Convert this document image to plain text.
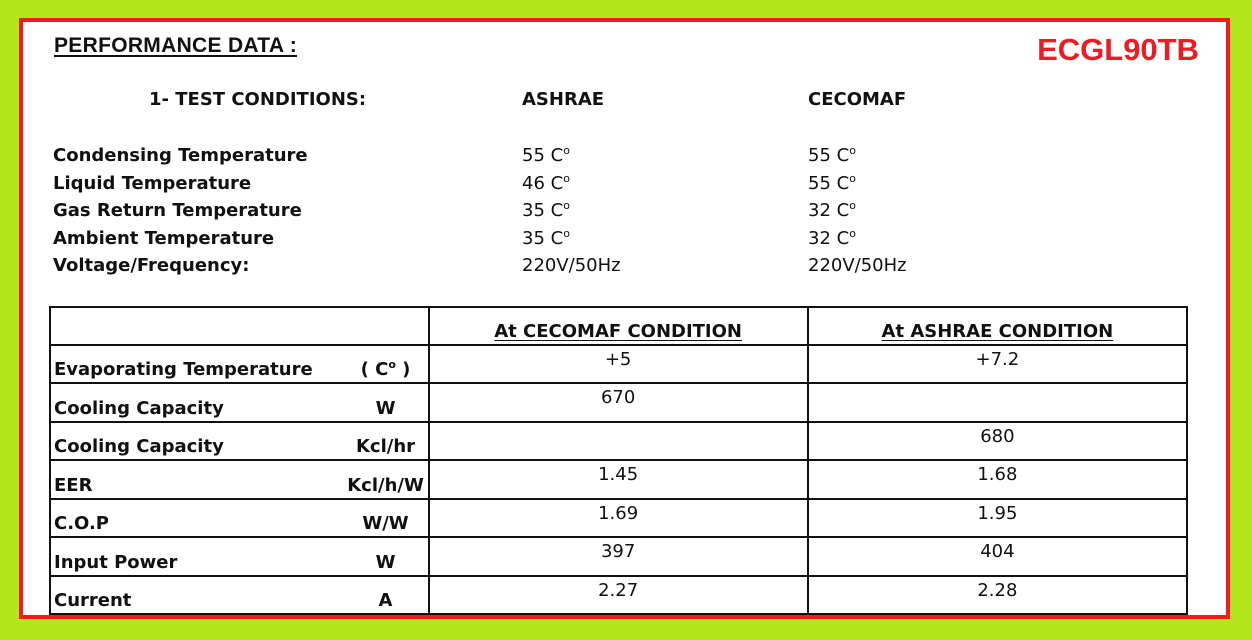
PERFORMANCE DATA :	ECGL90TB
1- TEST CONDITIONS:	ASHRAE	CECOMAF
Condensing Temperature	55 $C^o$	55 $C^o$
Liquid Temperature	46 $C^o$	55 $C^o$
Gas Return Temperature	35 $C^o$	32 $C^o$
Ambient Temperature	35 $C^o$	32 $C^o$
Voltage/Frequency:	220V/50Hz	220V/50Hz
		At CECOMAF CONDITION	At ASHRAE CONDITION
Evaporating Temperature	( $C^o$ )	+5	+7.2
Cooling Capacity	W	670	
Cooling Capacity	Kcl/hr		680
EER	Kcl/h/W	1.45	1.68
C.O.P	W/W	1.69	1.95
Input Power	W	397	404
Current	A	2.27	2.28
